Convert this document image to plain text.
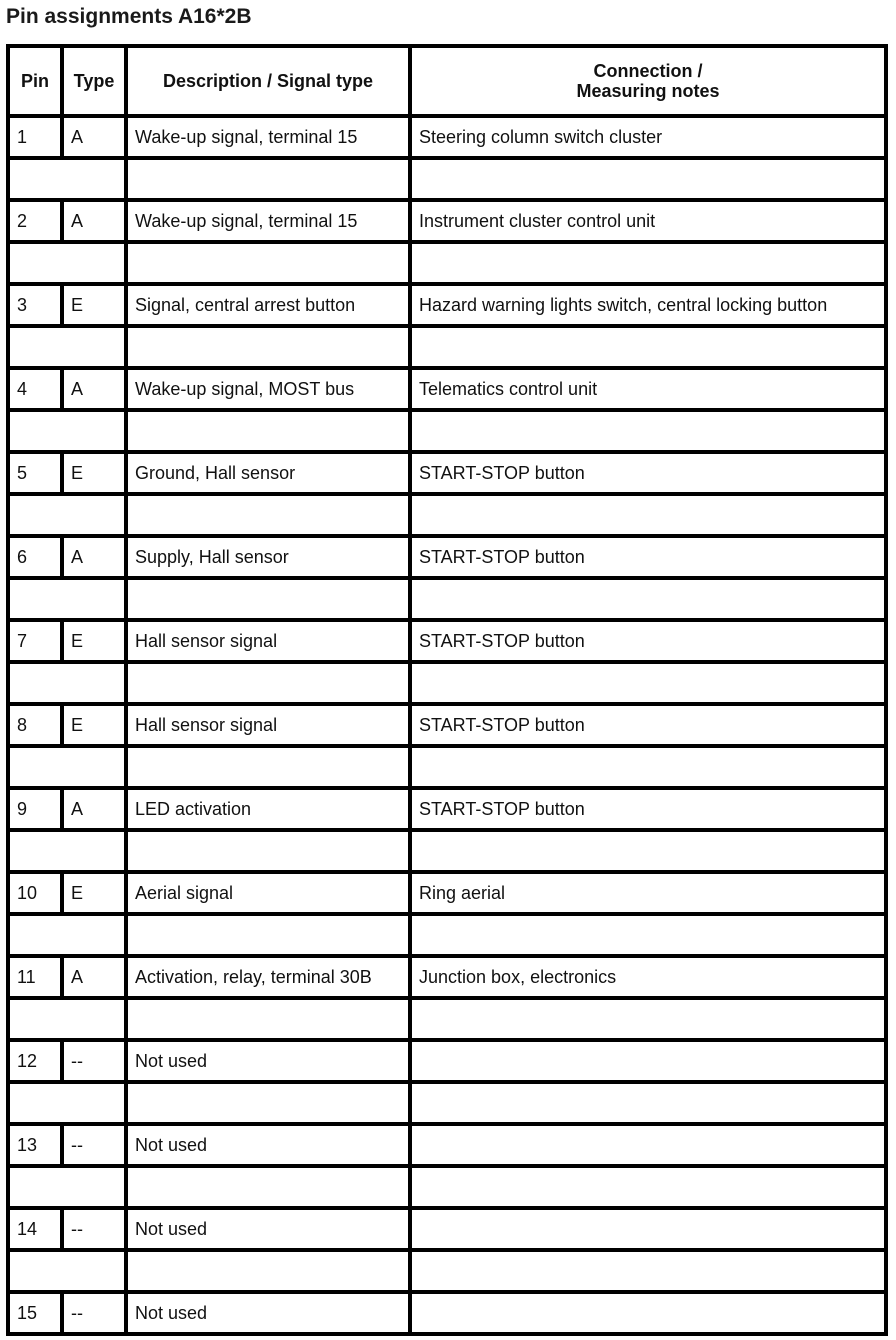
Pin assignments A16*2B
Pin	Type	Description / Signal type	Connection /
Measuring notes
1	A	Wake-up signal, terminal 15	Steering column switch cluster

2	A	Wake-up signal, terminal 15	Instrument cluster control unit

3	E	Signal, central arrest button	Hazard warning lights switch, central locking button

4	A	Wake-up signal, MOST bus	Telematics control unit

5	E	Ground, Hall sensor	START-STOP button

6	A	Supply, Hall sensor	START-STOP button

7	E	Hall sensor signal	START-STOP button

8	E	Hall sensor signal	START-STOP button

9	A	LED activation	START-STOP button

10	E	Aerial signal	Ring aerial

11	A	Activation, relay, terminal 30B	Junction box, electronics

12	--	Not used	

13	--	Not used	

14	--	Not used	

15	--	Not used	
